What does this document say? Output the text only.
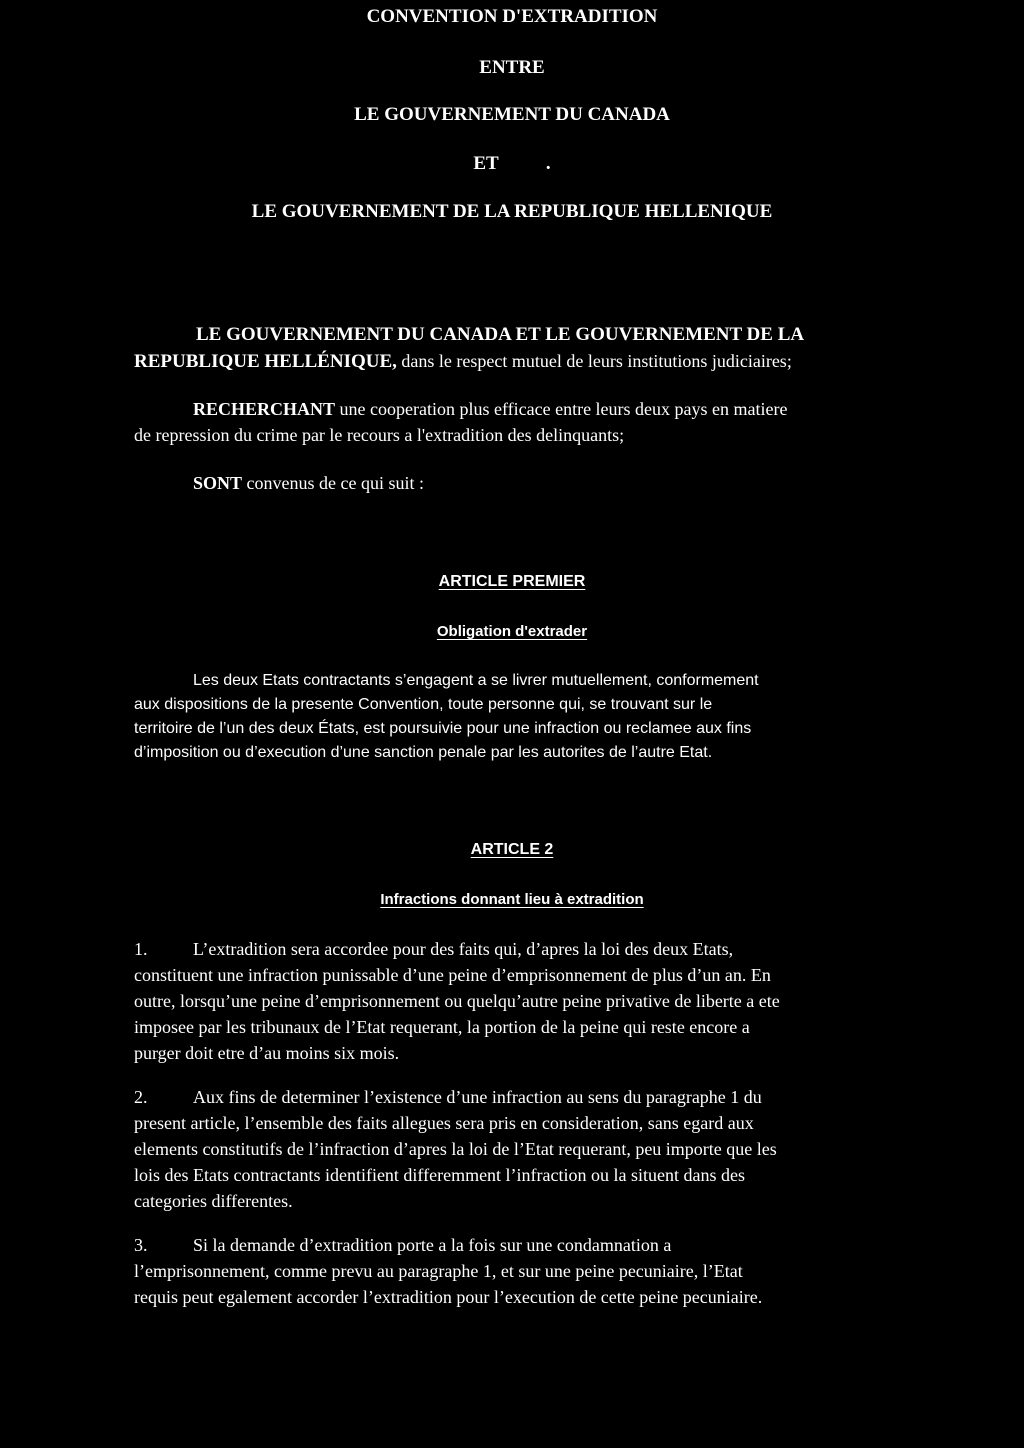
CONVENTION D'EXTRADITION
ENTRE
LE GOUVERNEMENT DU CANADA
ET	.
LE GOUVERNEMENT DE LA REPUBLIQUE HELLENIQUE
LE GOUVERNEMENT DU CANADA ET LE GOUVERNEMENT DE LA
REPUBLIQUE HELLÉNIQUE, dans le respect mutuel de leurs institutions judiciaires;
RECHERCHANT une cooperation plus efficace entre leurs deux pays en matiere
de repression du crime par le recours a l'extradition des delinquants;
SONT convenus de ce qui suit :
ARTICLE PREMIER
Obligation d'extrader
Les deux Etats contractants s’engagent a se livrer mutuellement, conformement
aux dispositions de la presente Convention, toute personne qui, se trouvant sur le
territoire de l’un des deux États, est poursuivie pour une infraction ou reclamee aux fins
d’imposition ou d’execution d’une sanction penale par les autorites de l’autre Etat.
ARTICLE 2
Infractions donnant lieu à extradition
1.	L’extradition sera accordee pour des faits qui, d’apres la loi des deux Etats,
constituent une infraction punissable d’une peine d’emprisonnement de plus d’un an. En
outre, lorsqu’une peine d’emprisonnement ou quelqu’autre peine privative de liberte a ete
imposee par les tribunaux de l’Etat requerant, la portion de la peine qui reste encore a
purger doit etre d’au moins six mois.
2.	Aux fins de determiner l’existence d’une infraction au sens du paragraphe 1 du
present article, l’ensemble des faits allegues sera pris en consideration, sans egard aux
elements constitutifs de l’infraction d’apres la loi de l’Etat requerant, peu importe que les
lois des Etats contractants identifient differemment l’infraction ou la situent dans des
categories differentes.
3.	Si la demande d’extradition porte a la fois sur une condamnation a
l’emprisonnement, comme prevu au paragraphe 1, et sur une peine pecuniaire, l’Etat
requis peut egalement accorder l’extradition pour l’execution de cette peine pecuniaire.
